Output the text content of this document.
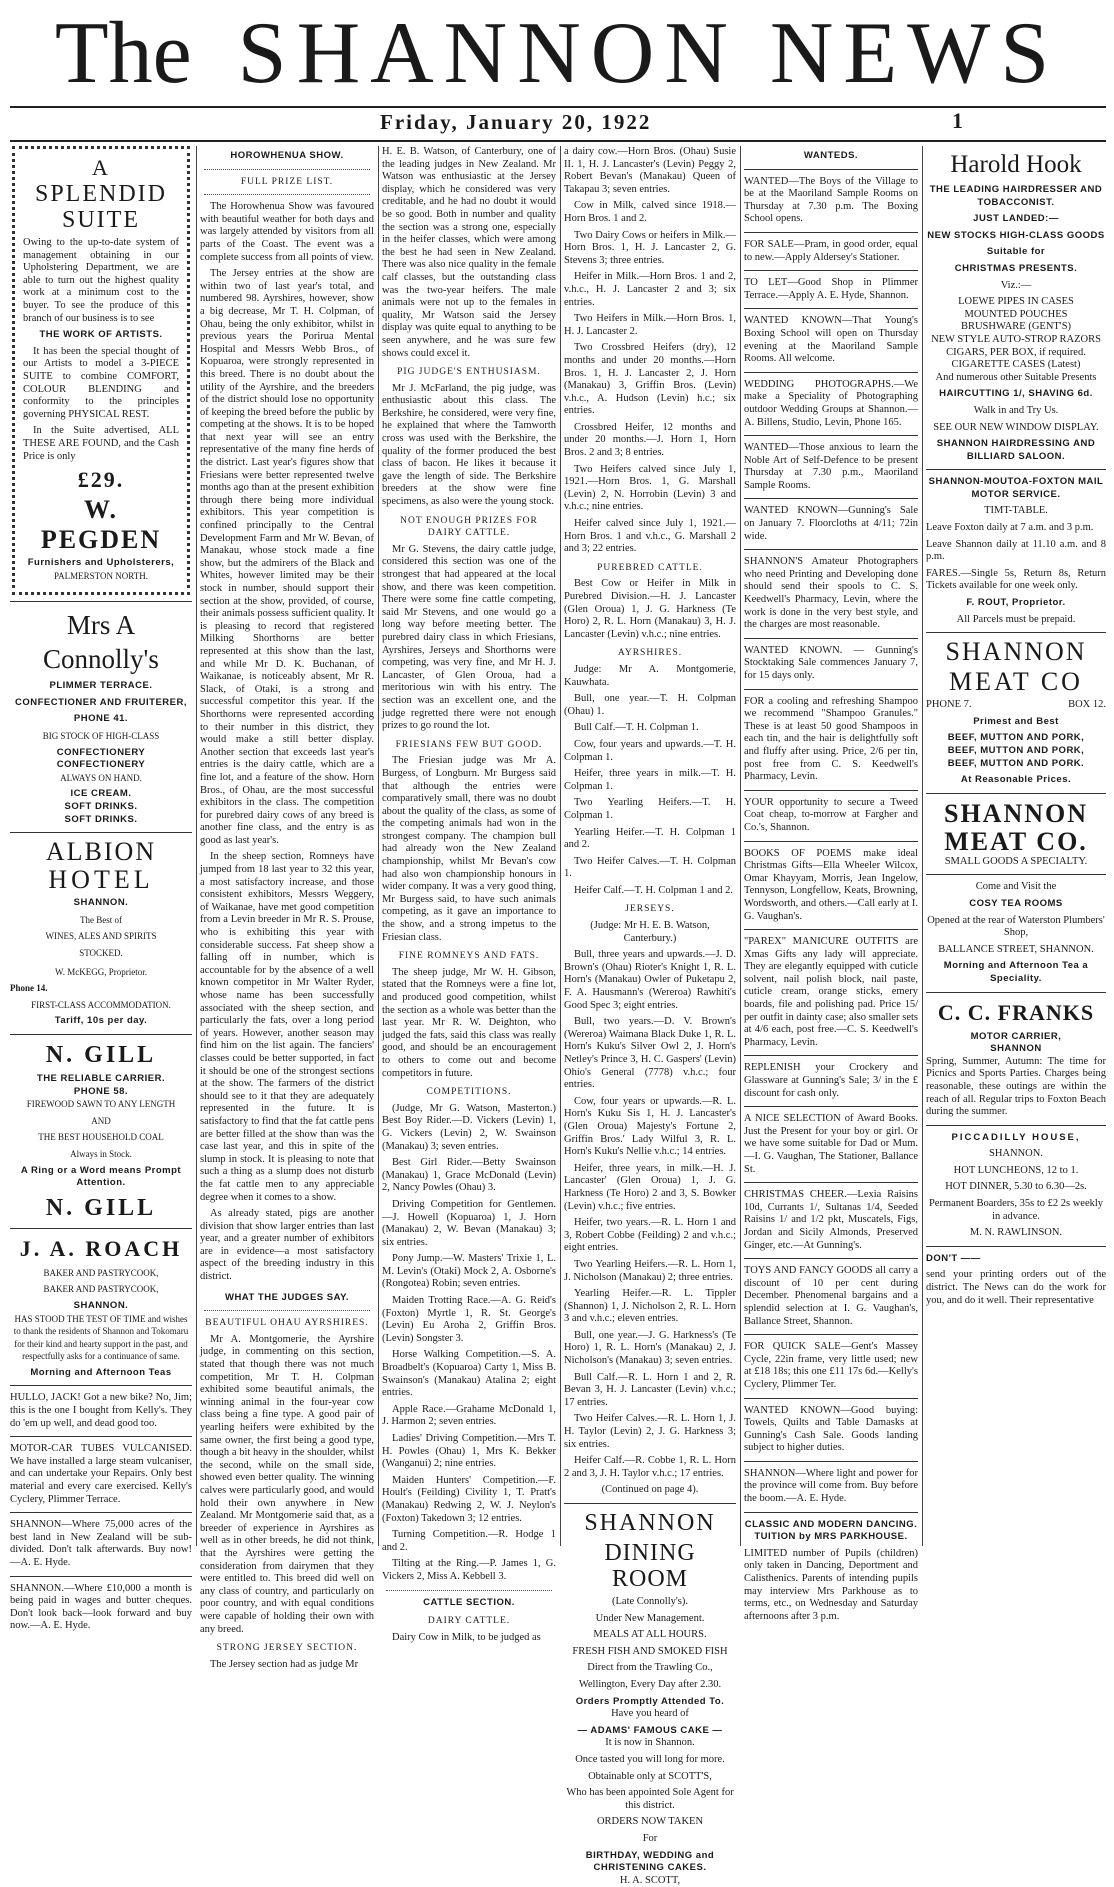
The SHANNON NEWS
Friday, January 20, 1922	1

A

SPLENDID

SUITE

Owing to the up-to-date system of management obtaining in our Upholstering Department, we are able to turn out the highest quality work at a minimum cost to the buyer. To see the produce of this branch of our business is to see

THE WORK OF ARTISTS.

It has been the special thought of our Artists to model a 3-PIECE SUITE to combine COMFORT, COLOUR BLENDING and conformity to the principles governing PHYSICAL REST.

In the Suite advertised, ALL THESE ARE FOUND, and the Cash Price is only

£29.

W. PEGDEN

Furnishers and Upholsterers,

PALMERSTON NORTH.

Mrs A Connolly's

PLIMMER TERRACE.

CONFECTIONER AND FRUITERER,

PHONE 41.

BIG STOCK OF HIGH-CLASS

CONFECTIONERY

CONFECTIONERY

ALWAYS ON HAND.

ICE CREAM.

SOFT DRINKS.

SOFT DRINKS.

ALBION

HOTEL

SHANNON.

The Best of

WINES, ALES AND SPIRITS

STOCKED.

W. McKEGG, Proprietor.

Phone 14.

FIRST-CLASS ACCOMMODATION.

Tariff, 10s per day.

N. GILL

THE RELIABLE CARRIER.

PHONE 58.

FIREWOOD SAWN TO ANY LENGTH

AND

THE BEST HOUSEHOLD COAL

Always in Stock.

A Ring or a Word means Prompt Attention.

N. GILL

J. A. ROACH

BAKER AND PASTRYCOOK,

BAKER AND PASTRYCOOK,

SHANNON.

HAS STOOD THE TEST OF TIME and wishes to thank the residents of Shannon and Tokomaru for their kind and hearty support in the past, and respectfully asks for a continuance of same.

Morning and Afternoon Teas

HULLO, JACK! Got a new bike? No, Jim; this is the one I bought from Kelly's. They do 'em up well, and dead good too.

MOTOR-CAR TUBES VULCANISED. We have installed a large steam vulcaniser, and can undertake your Repairs. Only best material and every care exercised. Kelly's Cyclery, Plimmer Terrace.

SHANNON—Where 75,000 acres of the best land in New Zealand will be sub-divided. Don't talk afterwards. Buy now!—A. E. Hyde.

SHANNON.—Where £10,000 a month is being paid in wages and butter cheques. Don't look back—look forward and buy now.—A. E. Hyde.

HOROWHENUA SHOW.

FULL PRIZE LIST.

The Horowhenua Show was favoured with beautiful weather for both days and was largely attended by visitors from all parts of the Coast. The event was a complete success from all points of view.

The Jersey entries at the show are within two of last year's total, and numbered 98. Ayrshires, however, show a big decrease, Mr T. H. Colpman, of Ohau, being the only exhibitor, whilst in previous years the Porirua Mental Hospital and Messrs Webb Bros., of Kopuaroa, were strongly represented in this breed. There is no doubt about the utility of the Ayrshire, and the breeders of the district should lose no opportunity of keeping the breed before the public by competing at the shows. It is to be hoped that next year will see an entry representative of the many fine herds of the district. Last year's figures show that Friesians were better represented twelve months ago than at the present exhibition through there being more individual exhibitors. This year competition is confined principally to the Central Development Farm and Mr W. Bevan, of Manakau, whose stock made a fine show, but the admirers of the Black and Whites, however limited may be their stock in number, should support their section at the show, provided, of course, their animals possess sufficient quality. It is pleasing to record that registered Milking Shorthorns are better represented at this show than the last, and while Mr D. K. Buchanan, of Waikanae, is noticeably absent, Mr R. Slack, of Otaki, is a strong and successful competitor this year. If the Shorthorns were represented according to their number in this district, they would make a still better display. Another section that exceeds last year's entries is the dairy cattle, which are a fine lot, and a feature of the show. Horn Bros., of Ohau, are the most successful exhibitors in the class. The competition for purebred dairy cows of any breed is another fine class, and the entry is as good as last year's.

In the sheep section, Romneys have jumped from 18 last year to 32 this year, a most satisfactory increase, and those consistent exhibitors, Messrs Weggery, of Waikanae, have met good competition from a Levin breeder in Mr R. S. Prouse, who is exhibiting this year with considerable success. Fat sheep show a falling off in number, which is accountable for by the absence of a well known competitor in Mr Walter Ryder, whose name has been successfully associated with the sheep section, and particularly the fats, over a long period of years. However, another season may find him on the list again. The fanciers' classes could be better supported, in fact it should be one of the strongest sections at the show. The farmers of the district should see to it that they are adequately represented in the future. It is satisfactory to find that the fat cattle pens are better filled at the show than was the case last year, and this in spite of the slump in stock. It is pleasing to note that such a thing as a slump does not disturb the fat cattle men to any appreciable degree when it comes to a show.

As already stated, pigs are another division that show larger entries than last year, and a greater number of exhibitors are in evidence—a most satisfactory aspect of the breeding industry in this district.

WHAT THE JUDGES SAY.

BEAUTIFUL OHAU AYRSHIRES.

Mr A. Montgomerie, the Ayrshire judge, in commenting on this section, stated that though there was not much competition, Mr T. H. Colpman exhibited some beautiful animals, the winning animal in the four-year cow class being a fine type. A good pair of yearling heifers were exhibited by the same owner, the first being a good type, though a bit heavy in the shoulder, whilst the second, while on the small side, showed even better quality. The winning calves were particularly good, and would hold their own anywhere in New Zealand. Mr Montgomerie said that, as a breeder of experience in Ayrshires as well as in other breeds, he did not think, that the Ayrshires were getting the consideration from dairymen that they were entitled to. This breed did well on any class of country, and particularly on poor country, and with equal conditions were capable of holding their own with any breed.

STRONG JERSEY SECTION.

The Jersey section had as judge Mr

H. E. B. Watson, of Canterbury, one of the leading judges in New Zealand. Mr Watson was enthusiastic at the Jersey display, which he considered was very creditable, and he had no doubt it would be so good. Both in number and quality the section was a strong one, especially in the heifer classes, which were among the best he had seen in New Zealand. There was also nice quality in the female calf classes, but the outstanding class was the two-year heifers. The male animals were not up to the females in quality, Mr Watson said the Jersey display was quite equal to anything to be seen anywhere, and he was sure few shows could excel it.

PIG JUDGE'S ENTHUSIASM.

Mr J. McFarland, the pig judge, was enthusiastic about this class. The Berkshire, he considered, were very fine, he explained that where the Tamworth cross was used with the Berkshire, the quality of the former produced the best class of bacon. He likes it because it gave the length of side. The Berkshire breeders at the show were fine specimens, as also were the young stock.

NOT ENOUGH PRIZES FOR DAIRY CATTLE.

Mr G. Stevens, the dairy cattle judge, considered this section was one of the strongest that had appeared at the local show, and there was keen competition. There were some fine cattle competing, said Mr Stevens, and one would go a long way before meeting better. The purebred dairy class in which Friesians, Ayrshires, Jerseys and Shorthorns were competing, was very fine, and Mr H. J. Lancaster, of Glen Oroua, had a meritorious win with his entry. The section was an excellent one, and the judge regretted there were not enough prizes to go round the lot.

FRIESIANS FEW BUT GOOD.

The Friesian judge was Mr A. Burgess, of Longburn. Mr Burgess said that although the entries were comparatively small, there was no doubt about the quality of the class, as some of the competing animals had won in the strongest company. The champion bull had already won the New Zealand championship, whilst Mr Bevan's cow had also won championship honours in wider company. It was a very good thing, Mr Burgess said, to have such animals competing, as it gave an importance to the show, and a strong impetus to the Friesian class.

FINE ROMNEYS AND FATS.

The sheep judge, Mr W. H. Gibson, stated that the Romneys were a fine lot, and produced good competition, whilst the section as a whole was better than the last year. Mr R. W. Deighton, who judged the fats, said this class was really good, and should be an encouragement to others to come out and become competitors in future.

COMPETITIONS.

(Judge, Mr G. Watson, Masterton.) Best Boy Rider.—D. Vickers (Levin) 1, G. Vickers (Levin) 2, W. Swainson (Manakau) 3; seven entries.

Best Girl Rider.—Betty Swainson (Manakau) 1, Grace McDonald (Levin) 2, Nancy Powles (Ohau) 3.

Driving Competition for Gentlemen.—J. Howell (Kopuaroa) 1, J. Horn (Manakau) 2, W. Bevan (Manakau) 3; six entries.

Pony Jump.—W. Masters' Trixie 1, L. M. Levin's (Otaki) Mock 2, A. Osborne's (Rongotea) Robin; seven entries.

Maiden Trotting Race.—A. G. Reid's (Foxton) Myrtle 1, R. St. George's (Levin) Eu Aroha 2, Griffin Bros. (Levin) Songster 3.

Horse Walking Competition.—S. A. Broadbelt's (Kopuaroa) Carty 1, Miss B. Swainson's (Manakau) Atalina 2; eight entries.

Apple Race.—Grahame McDonald 1, J. Harmon 2; seven entries.

Ladies' Driving Competition.—Mrs T. H. Powles (Ohau) 1, Mrs K. Bekker (Wanganui) 2; nine entries.

Maiden Hunters' Competition.—F. Hoult's (Feilding) Civility 1, T. Pratt's (Manakau) Redwing 2, W. J. Neylon's (Foxton) Takedown 3; 12 entries.

Turning Competition.—R. Hodge 1 and 2.

Tilting at the Ring.—P. James 1, G. Vickers 2, Miss A. Kebbell 3.

CATTLE SECTION.

DAIRY CATTLE.

Dairy Cow in Milk, to be judged as

a dairy cow.—Horn Bros. (Ohau) Susie II. 1, H. J. Lancaster's (Levin) Peggy 2, Robert Bevan's (Manakau) Queen of Takapau 3; seven entries.

Cow in Milk, calved since 1918.—Horn Bros. 1 and 2.

Two Dairy Cows or heifers in Milk.—Horn Bros. 1, H. J. Lancaster 2, G. Stevens 3; three entries.

Heifer in Milk.—Horn Bros. 1 and 2, v.h.c., H. J. Lancaster 2 and 3; six entries.

Two Heifers in Milk.—Horn Bros. 1, H. J. Lancaster 2.

Two Crossbred Heifers (dry), 12 months and under 20 months.—Horn Bros. 1, H. J. Lancaster 2, J. Horn (Manakau) 3, Griffin Bros. (Levin) v.h.c., A. Hudson (Levin) h.c.; six entries.

Crossbred Heifer, 12 months and under 20 months.—J. Horn 1, Horn Bros. 2 and 3; 8 entries.

Two Heifers calved since July 1, 1921.—Horn Bros. 1, G. Marshall (Levin) 2, N. Horrobin (Levin) 3 and v.h.c.; nine entries.

Heifer calved since July 1, 1921.—Horn Bros. 1 and v.h.c., G. Marshall 2 and 3; 22 entries.

PUREBRED CATTLE.

Best Cow or Heifer in Milk in Purebred Division.—H. J. Lancaster (Glen Oroua) 1, J. G. Harkness (Te Horo) 2, R. L. Horn (Manakau) 3, H. J. Lancaster (Levin) v.h.c.; nine entries.

AYRSHIRES.

Judge: Mr A. Montgomerie, Kauwhata.

Bull, one year.—T. H. Colpman (Ohau) 1.

Bull Calf.—T. H. Colpman 1.

Cow, four years and upwards.—T. H. Colpman 1.

Heifer, three years in milk.—T. H. Colpman 1.

Two Yearling Heifers.—T. H. Colpman 1.

Yearling Heifer.—T. H. Colpman 1 and 2.

Two Heifer Calves.—T. H. Colpman 1.

Heifer Calf.—T. H. Colpman 1 and 2.

JERSEYS.

(Judge: Mr H. E. B. Watson, Canterbury.)

Bull, three years and upwards.—J. D. Brown's (Ohau) Rioter's Knight 1, R. L. Horn's (Manakau) Owler of Puketapu 2, F. A. Hausmann's (Wereroa) Rawhiti's Good Spec 3; eight entries.

Bull, two years.—D. V. Brown's (Wereroa) Waimana Black Duke 1, R. L. Horn's Kuku's Silver Owl 2, J. Horn's Netley's Prince 3, H. C. Gaspers' (Levin) Ohio's General (7778) v.h.c.; four entries.

Cow, four years or upwards.—R. L. Horn's Kuku Sis 1, H. J. Lancaster's (Glen Oroua) Majesty's Fortune 2, Griffin Bros.' Lady Wilful 3, R. L. Horn's Kuku's Nellie v.h.c.; 14 entries.

Heifer, three years, in milk.—H. J. Lancaster' (Glen Oroua) 1, J. G. Harkness (Te Horo) 2 and 3, S. Bowker (Levin) v.h.c.; five entries.

Heifer, two years.—R. L. Horn 1 and 3, Robert Cobbe (Feilding) 2 and v.h.c.; eight entries.

Two Yearling Heifers.—R. L. Horn 1, J. Nicholson (Manakau) 2; three entries.

Yearling Heifer.—R. L. Tippler (Shannon) 1, J. Nicholson 2, R. L. Horn 3 and v.h.c.; eleven entries.

Bull, one year.—J. G. Harkness's (Te Horo) 1, R. L. Horn's (Manakau) 2, J. Nicholson's (Manakau) 3; seven entries.

Bull Calf.—R. L. Horn 1 and 2, R. Bevan 3, H. J. Lancaster (Levin) v.h.c.; 17 entries.

Two Heifer Calves.—R. L. Horn 1, J. H. Taylor (Levin) 2, J. G. Harkness 3; six entries.

Heifer Calf.—R. Cobbe 1, R. L. Horn 2 and 3, J. H. Taylor v.h.c.; 17 entries.

(Continued on page 4).

SHANNON

DINING ROOM

(Late Connolly's).

Under New Management.

MEALS AT ALL HOURS.

FRESH FISH AND SMOKED FISH

Direct from the Trawling Co.,

Wellington, Every Day after 2.30.

Orders Promptly Attended To.

Have you heard of

— ADAMS' FAMOUS CAKE —

It is now in Shannon.

Once tasted you will long for more.

Obtainable only at SCOTT'S,

Who has been appointed Sole Agent for this district.

ORDERS NOW TAKEN

For

BIRTHDAY, WEDDING and CHRISTENING CAKES.

H. A. SCOTT,

WANTEDS.

WANTED—The Boys of the Village to be at the Maoriland Sample Rooms on Thursday at 7.30 p.m. The Boxing School opens.

FOR SALE—Pram, in good order, equal to new.—Apply Aldersey's Stationer.

TO LET—Good Shop in Plimmer Terrace.—Apply A. E. Hyde, Shannon.

WANTED KNOWN—That Young's Boxing School will open on Thursday evening at the Maoriland Sample Rooms. All welcome.

WEDDING PHOTOGRAPHS.—We make a Speciality of Photographing outdoor Wedding Groups at Shannon.—A. Billens, Studio, Levin, Phone 165.

WANTED—Those anxious to learn the Noble Art of Self-Defence to be present Thursday at 7.30 p.m., Maoriland Sample Rooms.

WANTED KNOWN—Gunning's Sale on January 7. Floorcloths at 4/11; 72in wide.

SHANNON'S Amateur Photographers who need Printing and Developing done should send their spools to C. S. Keedwell's Pharmacy, Levin, where the work is done in the very best style, and the charges are most reasonable.

WANTED KNOWN. — Gunning's Stocktaking Sale commences January 7, for 15 days only.

FOR a cooling and refreshing Shampoo we recommend "Shampoo Granules." These is at least 50 good Shampoos in each tin, and the hair is delightfully soft and fluffy after using. Price, 2/6 per tin, post free from C. S. Keedwell's Pharmacy, Levin.

YOUR opportunity to secure a Tweed Coat cheap, to-morrow at Fargher and Co.'s, Shannon.

BOOKS OF POEMS make ideal Christmas Gifts—Ella Wheeler Wilcox, Omar Khayyam, Morris, Jean Ingelow, Tennyson, Longfellow, Keats, Browning, Wordsworth, and others.—Call early at I. G. Vaughan's.

"PAREX" MANICURE OUTFITS are Xmas Gifts any lady will appreciate. They are elegantly equipped with cuticle solvent, nail polish block, nail paste, cuticle cream, orange sticks, emery boards, file and polishing pad. Price 15/ per outfit in dainty case; also smaller sets at 4/6 each, post free.—C. S. Keedwell's Pharmacy, Levin.

REPLENISH your Crockery and Glassware at Gunning's Sale; 3/ in the £ discount for cash only.

A NICE SELECTION of Award Books. Just the Present for your boy or girl. Or we have some suitable for Dad or Mum.—I. G. Vaughan, The Stationer, Ballance St.

CHRISTMAS CHEER.—Lexia Raisins 10d, Currants 1/, Sultanas 1/4, Seeded Raisins 1/ and 1/2 pkt, Muscatels, Figs, Jordan and Sicily Almonds, Preserved Ginger, etc.—At Gunning's.

TOYS AND FANCY GOODS all carry a discount of 10 per cent during December. Phenomenal bargains and a splendid selection at I. G. Vaughan's, Ballance Street, Shannon.

FOR QUICK SALE—Gent's Massey Cycle, 22in frame, very little used; new at £18 18s; this one £11 17s 6d.—Kelly's Cyclery, Plimmer Ter.

WANTED KNOWN—Good buying: Towels, Quilts and Table Damasks at Gunning's Cash Sale. Goods landing subject to higher duties.

SHANNON—Where light and power for the province will come from. Buy before the boom.—A. E. Hyde.

CLASSIC AND MODERN DANCING. TUITION by MRS PARKHOUSE.

LIMITED number of Pupils (children) only taken in Dancing, Deportment and Calisthenics. Parents of intending pupils may interview Mrs Parkhouse as to terms, etc., on Wednesday and Saturday afternoons after 3 p.m.

Harold Hook

THE LEADING HAIRDRESSER AND TOBACCONIST.

JUST LANDED:—

NEW STOCKS HIGH-CLASS GOODS

Suitable for

CHRISTMAS PRESENTS.

Viz.:—

LOEWE PIPES IN CASES

MOUNTED POUCHES

BRUSHWARE (GENT'S)

NEW STYLE AUTO-STROP RAZORS

CIGARS, PER BOX, if required.

CIGARETTE CASES (Latest)

And numerous other Suitable Presents

HAIRCUTTING 1/, SHAVING 6d.

Walk in and Try Us.

SEE OUR NEW WINDOW DISPLAY.

SHANNON HAIRDRESSING AND BILLIARD SALOON.

SHANNON-MOUTOA-FOXTON MAIL MOTOR SERVICE.

TIMT-TABLE.

Leave Foxton daily at 7 a.m. and 3 p.m.

Leave Shannon daily at 11.10 a.m. and 8 p.m.

FARES.—Single 5s, Return 8s, Return Tickets available for one week only.

F. ROUT, Proprietor.

All Parcels must be prepaid.

SHANNON

MEAT CO

PHONE 7.	BOX 12.

Primest and Best

BEEF, MUTTON AND PORK,

BEEF, MUTTON AND PORK,

BEEF, MUTTON AND PORK.

At Reasonable Prices.

SHANNON

MEAT CO.

SMALL GOODS A SPECIALTY.

Come and Visit the

COSY TEA ROOMS

Opened at the rear of Waterston Plumbers' Shop,

BALLANCE STREET, SHANNON.

Morning and Afternoon Tea a Speciality.

C. C. FRANKS

MOTOR CARRIER,

SHANNON

Spring, Summer, Autumn: The time for Picnics and Sports Parties. Charges being reasonable, these outings are within the reach of all. Regular trips to Foxton Beach during the summer.

PICCADILLY HOUSE,

SHANNON.

HOT LUNCHEONS, 12 to 1.

HOT DINNER, 5.30 to 6.30—2s.

Permanent Boarders, 35s to £2 2s weekly in advance.

M. N. RAWLINSON.

DON'T ——

send your printing orders out of the district. The News can do the work for you, and do it well. Their representative
